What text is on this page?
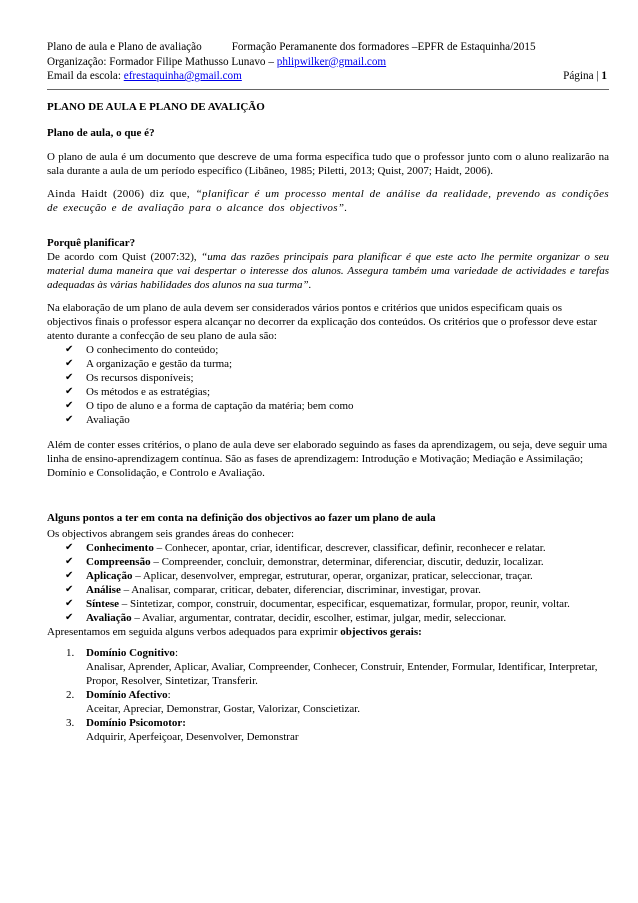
Plano de aula e Plano de avaliação	Formação Peramanente dos formadores –EPFR de Estaquinha/2015
Organização: Formador Filipe Mathusso Lunavo – phlipwilker@gmail.com
Email da escola: efrestaquinha@gmail.com	Página | 1

PLANO DE AULA E PLANO DE AVALIÇÃO

Plano de aula, o que é?

O plano de aula é um documento que descreve de uma forma específica tudo que o professor junto com o aluno realizarão na sala durante a aula de um período específico (Libâneo, 1985; Piletti, 2013; Quist, 2007; Haidt, 2006).

Ainda Haidt (2006) diz que, “planificar é um processo mental de análise da realidade, prevendo as condições de execução e de avaliação para o alcance dos objectivos”.

Porquê planificar?

De acordo com Quist (2007:32), “uma das razões principais para planificar é que este acto lhe permite organizar o seu material duma maneira que vai despertar o interesse dos alunos. Assegura também uma variedade de actividades e tarefas adequadas às várias habilidades dos alunos na sua turma”.

Na elaboração de um plano de aula devem ser considerados vários pontos e critérios que unidos especificam quais os objectivos finais o professor espera alcançar no decorrer da explicação dos conteúdos. Os critérios que o professor deve estar atento durante a confecção de seu plano de aula são:

✔ O conhecimento do conteúdo;
✔ A organização e gestão da turma;
✔ Os recursos disponíveis;
✔ Os métodos e as estratégias;
✔ O tipo de aluno e a forma de captação da matéria; bem como
✔ Avaliação

Além de conter esses critérios, o plano de aula deve ser elaborado seguindo as fases da aprendizagem, ou seja, deve seguir uma linha de ensino-aprendizagem contínua. São as fases de aprendizagem: Introdução e Motivação; Mediação e Assimilação; Domínio e Consolidação, e Controlo e Avaliação.

Alguns pontos a ter em conta na definição dos objectivos ao fazer um plano de aula

Os objectivos abrangem seis grandes áreas do conhecer:

✔ Conhecimento – Conhecer, apontar, criar, identificar, descrever, classificar, definir, reconhecer e relatar.
✔ Compreensão – Compreender, concluir, demonstrar, determinar, diferenciar, discutir, deduzir, localizar.
✔ Aplicação – Aplicar, desenvolver, empregar, estruturar, operar, organizar, praticar, seleccionar, traçar.
✔ Análise – Analisar, comparar, criticar, debater, diferenciar, discriminar, investigar, provar.
✔ Síntese – Sintetizar, compor, construir, documentar, especificar, esquematizar, formular, propor, reunir, voltar.
✔ Avaliação – Avaliar, argumentar, contratar, decidir, escolher, estimar, julgar, medir, seleccionar.

Apresentamos em seguida alguns verbos adequados para exprimir objectivos gerais:

1. Domínio Cognitivo:
Analisar, Aprender, Aplicar, Avaliar, Compreender, Conhecer, Construir, Entender, Formular, Identificar, Interpretar, Propor, Resolver, Sintetizar, Transferir.
2. Domínio Afectivo:
Aceitar, Apreciar, Demonstrar, Gostar, Valorizar, Conscietizar.
3. Domínio Psicomotor:
Adquirir, Aperfeiçoar, Desenvolver, Demonstrar
